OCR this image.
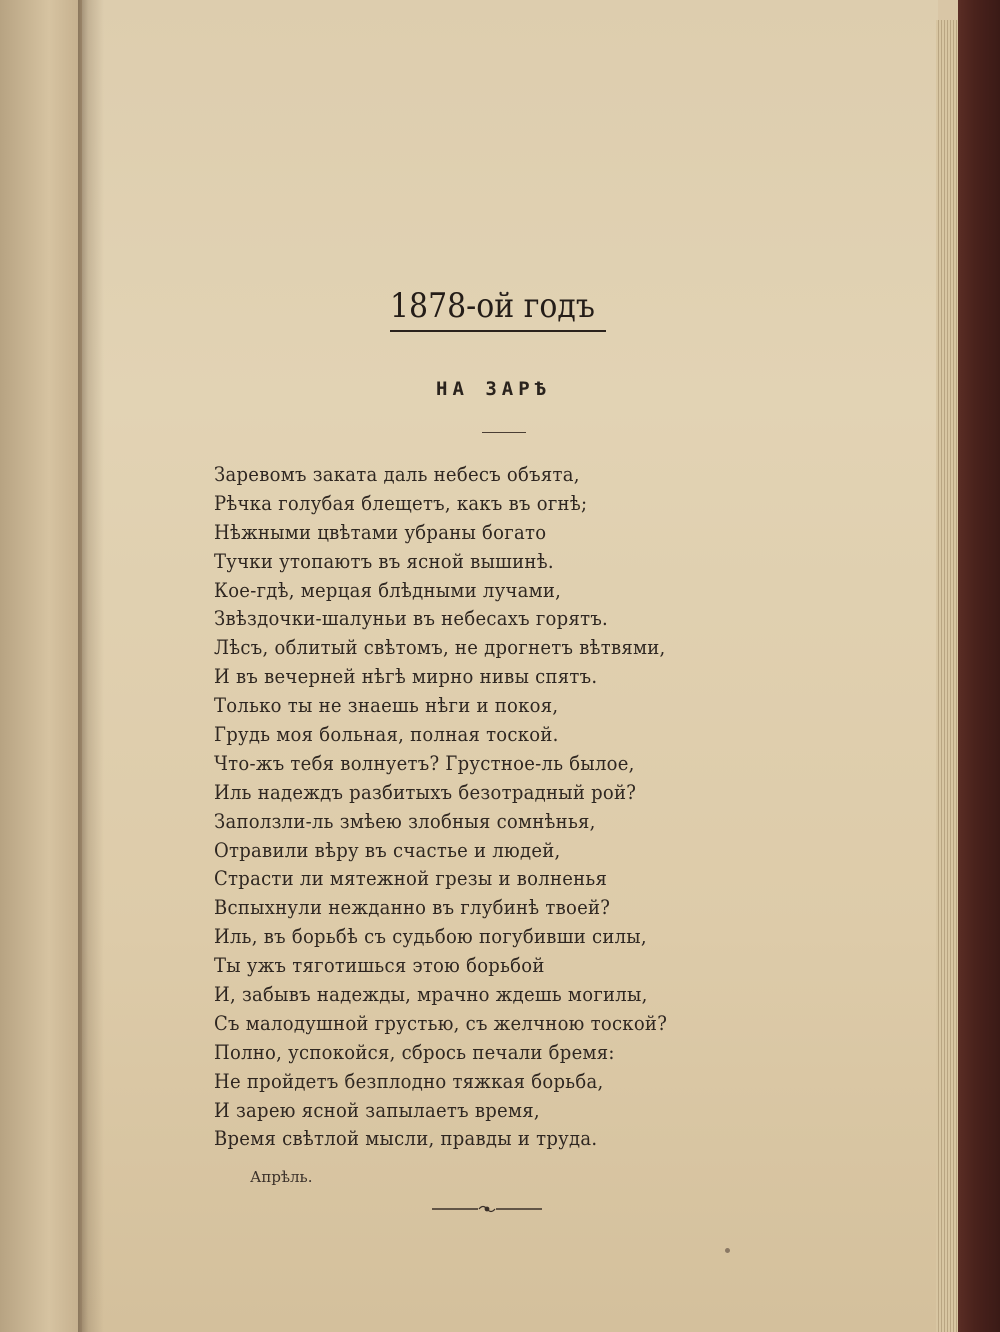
1878-ой годъ
НА ЗАРѢ
Заревомъ заката даль небесъ объята,
Рѣчка голубая блещетъ, какъ въ огнѣ;
Нѣжными цвѣтами убраны богато
Тучки утопаютъ въ ясной вышинѣ.
Кое-гдѣ, мерцая блѣдными лучами,
Звѣздочки-шалуньи въ небесахъ горятъ.
Лѣсъ, облитый свѣтомъ, не дрогнетъ вѣтвями,
И въ вечерней нѣгѣ мирно нивы спятъ.
Только ты не знаешь нѣги и покоя,
Грудь моя больная, полная тоской.
Что-жъ тебя волнуетъ? Грустное-ль былое,
Иль надеждъ разбитыхъ безотрадный рой?
Заползли-ль змѣею злобныя сомнѣнья,
Отравили вѣру въ счастье и людей,
Страсти ли мятежной грезы и волненья
Вспыхнули нежданно въ глубинѣ твоей?
Иль, въ борьбѣ съ судьбою погубивши силы,
Ты ужъ тяготишься этою борьбой
И, забывъ надежды, мрачно ждешь могилы,
Съ малодушной грустью, съ желчною тоской?
Полно, успокойся, сбрось печали бремя:
Не пройдетъ безплодно тяжкая борьба,
И зарею ясной запылаетъ время,
Время свѣтлой мысли, правды и труда.
Апрѣль.
